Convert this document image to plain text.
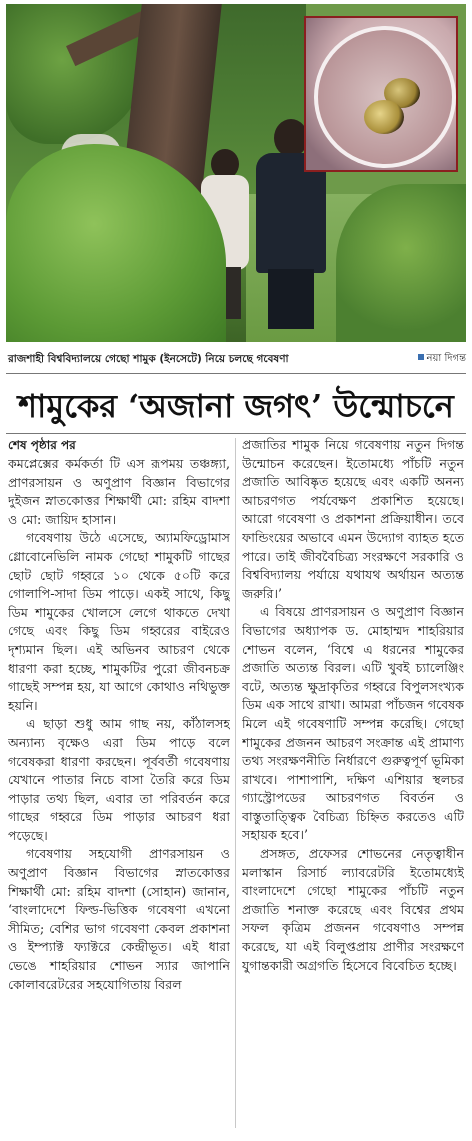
রাজশাহী বিশ্ববিদ্যালয়ে গেছো শামুক (ইনসেটে) নিয়ে চলছে গবেষণা	নয়া দিগন্ত
শামুকের ‘অজানা জগৎ’ উন্মোচনে

শেষ পৃষ্ঠার পর

কমপ্লেক্সের কর্মকর্তা টি এস রূপময় তঞ্চঙ্গ্যা, প্রাণরসায়ন ও অণুপ্রাণ বিজ্ঞান বিভাগের দুইজন স্নাতকোত্তর শিক্ষার্থী মো: রহিম বাদশা ও মো: জায়িদ হাসান।

গবেষণায় উঠে এসেছে, অ্যামফিড্রোমাস গ্লোবোনেভিলি নামক গেছো শামুকটি গাছের ছোট ছোট গহ্বরে ১০ থেকে ৫০টি করে গোলাপি-সাদা ডিম পাড়ে। একই সাথে, কিছু ডিম শামুকের খোলসে লেগে থাকতে দেখা গেছে এবং কিছু ডিম গহ্বরের বাইরেও দৃশ্যমান ছিল। এই অভিনব আচরণ থেকে ধারণা করা হচ্ছে, শামুকটির পুরো জীবনচক্র গাছেই সম্পন্ন হয়, যা আগে কোথাও নথিভুক্ত হয়নি।

এ ছাড়া শুধু আম গাছ নয়, কাঁঠালসহ অন্যান্য বৃক্ষেও এরা ডিম পাড়ে বলে গবেষকরা ধারণা করছেন। পূর্ববর্তী গবেষণায় যেখানে পাতার নিচে বাসা তৈরি করে ডিম পাড়ার তথ্য ছিল, এবার তা পরিবর্তন করে গাছের গহ্বরে ডিম পাড়ার আচরণ ধরা পড়েছে।

গবেষণায় সহযোগী প্রাণরসায়ন ও অণুপ্রাণ বিজ্ঞান বিভাগের স্নাতকোত্তর শিক্ষার্থী মো: রহিম বাদশা (সোহান) জানান, ‘বাংলাদেশে ফিল্ড-ভিত্তিক গবেষণা এখনো সীমিত; বেশির ভাগ গবেষণা কেবল প্রকাশনা ও ইম্প্যাক্ট ফ্যাক্টরে কেন্দ্রীভূত। এই ধারা ভেঙে শাহরিয়ার শোভন স্যার জাপানি কোলাবরেটরের সহযোগিতায় বিরল

প্রজাতির শামুক নিয়ে গবেষণায় নতুন দিগন্ত উন্মোচন করেছেন। ইতোমধ্যে পাঁচটি নতুন প্রজাতি আবিষ্কৃত হয়েছে এবং একটি অনন্য আচরণগত পর্যবেক্ষণ প্রকাশিত হয়েছে। আরো গবেষণা ও প্রকাশনা প্রক্রিয়াধীন। তবে ফান্ডিংয়ের অভাবে এমন উদ্যোগ ব্যাহত হতে পারে। তাই জীববৈচিত্র্য সংরক্ষণে সরকারি ও বিশ্ববিদ্যালয় পর্যায়ে যথাযথ অর্থায়ন অত্যন্ত জরুরি।’

এ বিষয়ে প্রাণরসায়ন ও অণুপ্রাণ বিজ্ঞান বিভাগের অধ্যাপক ড. মোহাম্মদ শাহরিয়ার শোভন বলেন, ‘বিশ্বে এ ধরনের শামুকের প্রজাতি অত্যন্ত বিরল। এটি খুবই চ্যালেঞ্জিং বটে, অত্যন্ত ক্ষুদ্রাকৃতির গহ্বরে বিপুলসংখ্যক ডিম এক সাথে রাখা। আমরা পাঁচজন গবেষক মিলে এই গবেষণাটি সম্পন্ন করেছি। গেছো শামুকের প্রজনন আচরণ সংক্রান্ত এই প্রামাণ্য তথ্য সংরক্ষণনীতি নির্ধারণে গুরুত্বপূর্ণ ভূমিকা রাখবে। পাশাপাশি, দক্ষিণ এশিয়ার স্থলচর গ্যাস্ট্রোপডের আচরণগত বিবর্তন ও বাস্তুতাত্ত্বিক বৈচিত্র্য চিহ্নিত করতেও এটি সহায়ক হবে।’

প্রসঙ্গত, প্রফেসর শোভনের নেতৃত্বাধীন মলাস্কান রিসার্চ ল্যাবরেটরি ইতোমধ্যেই বাংলাদেশে গেছো শামুকের পাঁচটি নতুন প্রজাতি শনাক্ত করেছে এবং বিশ্বের প্রথম সফল কৃত্রিম প্রজনন গবেষণাও সম্পন্ন করেছে, যা এই বিলুপ্তপ্রায় প্রাণীর সংরক্ষণে যুগান্তকারী অগ্রগতি হিসেবে বিবেচিত হচ্ছে।
